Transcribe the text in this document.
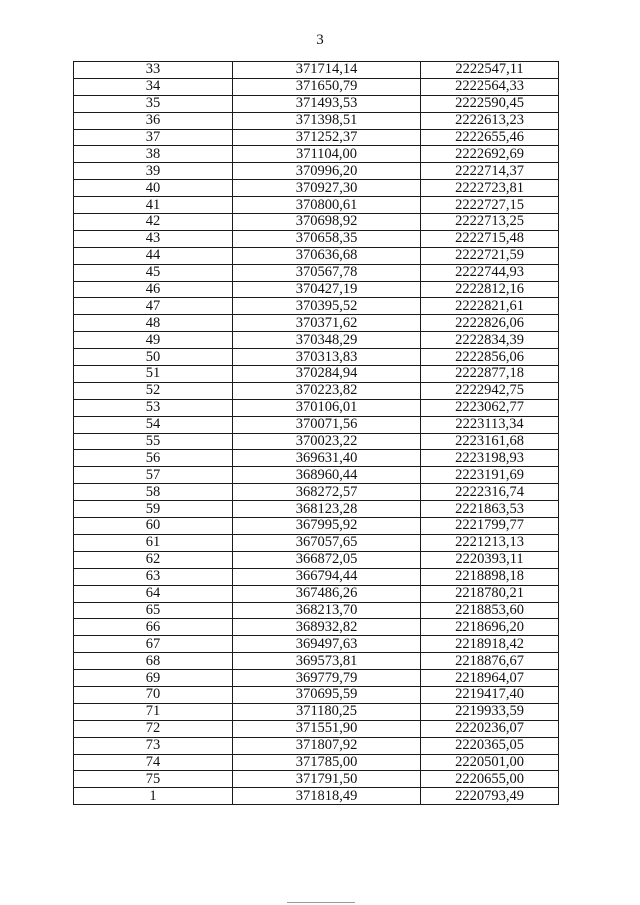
3
33	371714,14	2222547,11
34	371650,79	2222564,33
35	371493,53	2222590,45
36	371398,51	2222613,23
37	371252,37	2222655,46
38	371104,00	2222692,69
39	370996,20	2222714,37
40	370927,30	2222723,81
41	370800,61	2222727,15
42	370698,92	2222713,25
43	370658,35	2222715,48
44	370636,68	2222721,59
45	370567,78	2222744,93
46	370427,19	2222812,16
47	370395,52	2222821,61
48	370371,62	2222826,06
49	370348,29	2222834,39
50	370313,83	2222856,06
51	370284,94	2222877,18
52	370223,82	2222942,75
53	370106,01	2223062,77
54	370071,56	2223113,34
55	370023,22	2223161,68
56	369631,40	2223198,93
57	368960,44	2223191,69
58	368272,57	2222316,74
59	368123,28	2221863,53
60	367995,92	2221799,77
61	367057,65	2221213,13
62	366872,05	2220393,11
63	366794,44	2218898,18
64	367486,26	2218780,21
65	368213,70	2218853,60
66	368932,82	2218696,20
67	369497,63	2218918,42
68	369573,81	2218876,67
69	369779,79	2218964,07
70	370695,59	2219417,40
71	371180,25	2219933,59
72	371551,90	2220236,07
73	371807,92	2220365,05
74	371785,00	2220501,00
75	371791,50	2220655,00
1	371818,49	2220793,49
